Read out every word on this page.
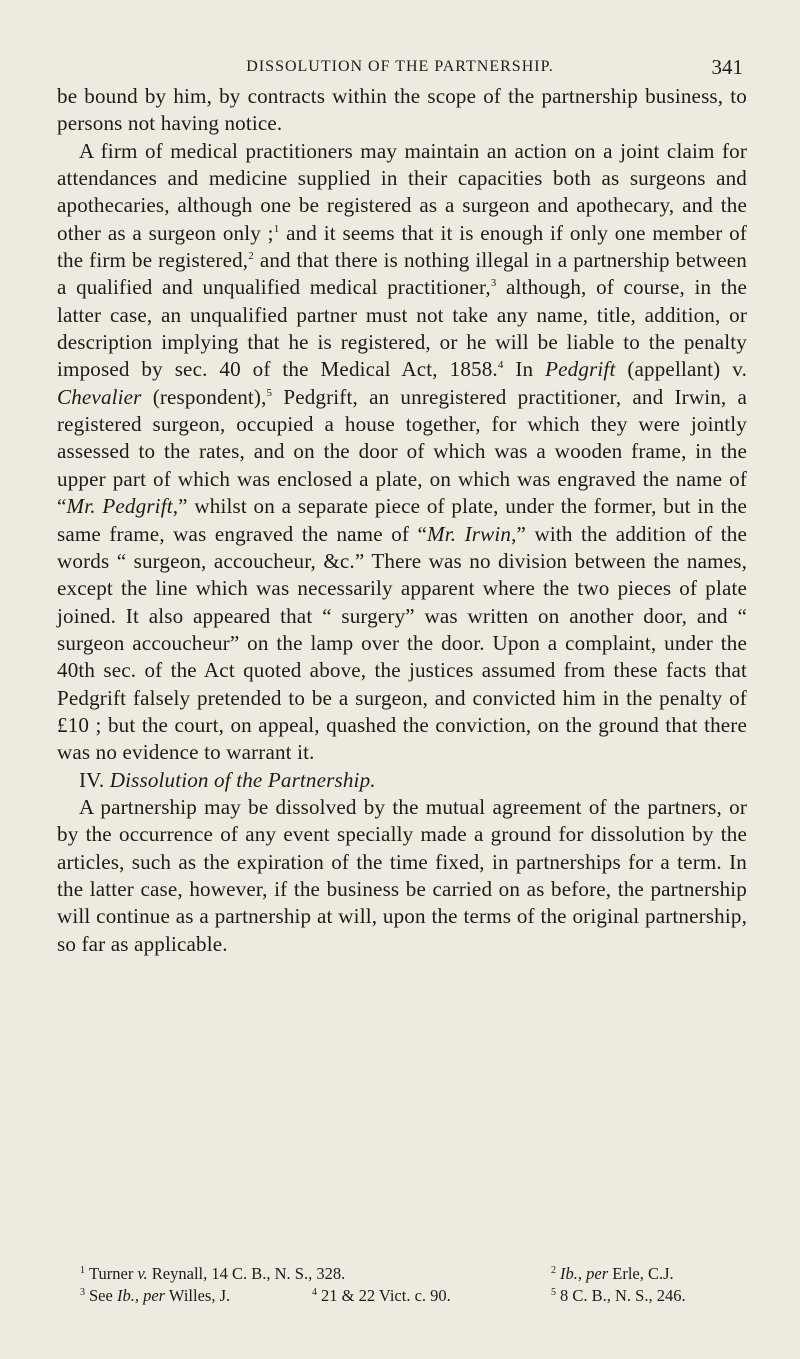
DISSOLUTION OF THE PARTNERSHIP.	341

be bound by him, by contracts within the scope of the partnership business, to persons not having notice.

A firm of medical practitioners may maintain an action on a joint claim for attendances and medicine supplied in their capacities both as surgeons and apothecaries, although one be registered as a surgeon and apothecary, and the other as a surgeon only ;$^1$ and it seems that it is enough if only one member of the firm be registered,$^2$ and that there is nothing illegal in a partnership between a qualified and unqualified medical practitioner,$^3$ although, of course, in the latter case, an unqualified partner must not take any name, title, addition, or description implying that he is registered, or he will be liable to the penalty imposed by sec. 40 of the Medical Act, 1858.$^4$ In Pedgrift (appellant) v. Chevalier (respondent),$^5$ Pedgrift, an unregistered practitioner, and Irwin, a registered surgeon, occupied a house together, for which they were jointly assessed to the rates, and on the door of which was a wooden frame, in the upper part of which was enclosed a plate, on which was engraved the name of “Mr. Pedgrift,” whilst on a separate piece of plate, under the former, but in the same frame, was engraved the name of “Mr. Irwin,” with the addition of the words “ surgeon, accoucheur, &c.” There was no division between the names, except the line which was necessarily apparent where the two pieces of plate joined. It also appeared that “ surgery” was written on another door, and “ surgeon accoucheur” on the lamp over the door. Upon a complaint, under the 40th sec. of the Act quoted above, the justices assumed from these facts that Pedgrift falsely pretended to be a surgeon, and convicted him in the penalty of £10 ; but the court, on appeal, quashed the conviction, on the ground that there was no evidence to warrant it.

IV. Dissolution of the Partnership.

A partnership may be dissolved by the mutual agreement of the partners, or by the occurrence of any event specially made a ground for dissolution by the articles, such as the expiration of the time fixed, in partnerships for a term. In the latter case, however, if the business be carried on as before, the partnership will continue as a partnership at will, upon the terms of the original partnership, so far as applicable.

$^1$ Turner v. Reynall, 14 C. B., N. S., 328.	$^2$ Ib., per Erle, C.J.
$^3$ See Ib., per Willes, J.	$^4$ 21 & 22 Vict. c. 90.	$^5$ 8 C. B., N. S., 246.
